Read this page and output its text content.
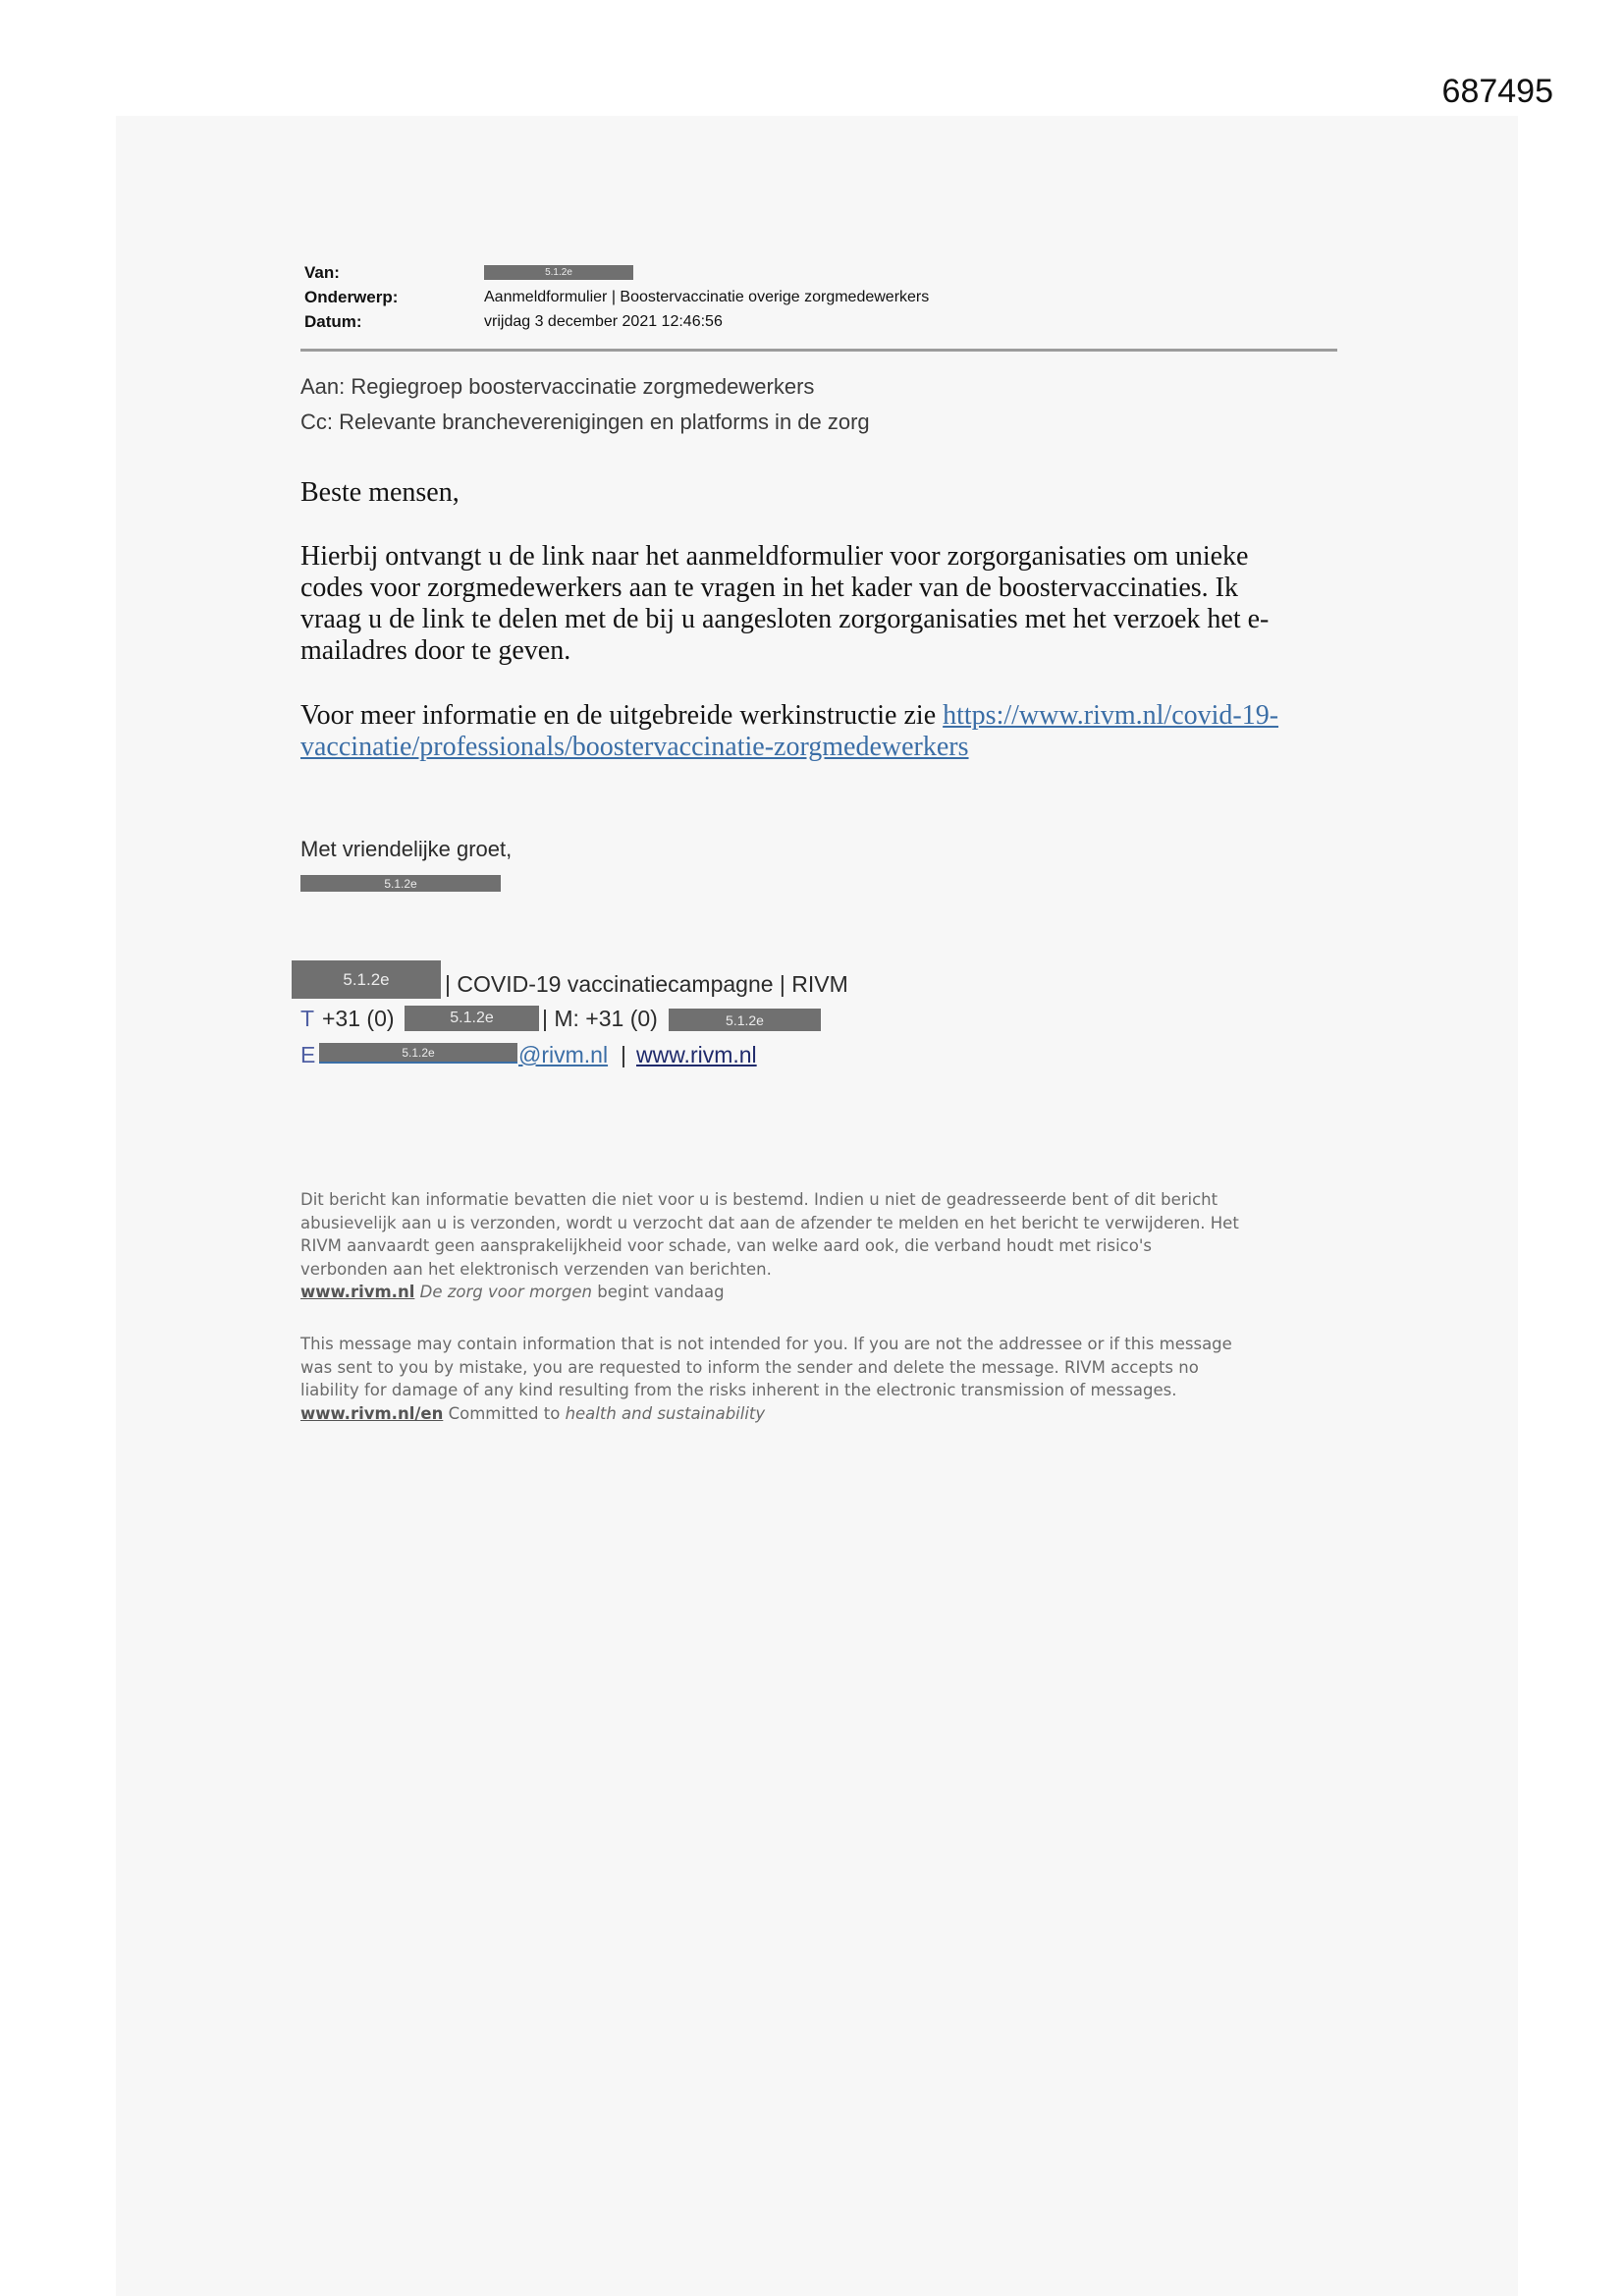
687495
Van:	5.1.2e
Onderwerp:	Aanmeldformulier | Boostervaccinatie overige zorgmedewerkers
Datum:	vrijdag 3 december 2021 12:46:56
Aan: Regiegroep boostervaccinatie zorgmedewerkers
Cc: Relevante brancheverenigingen en platforms in de zorg
Beste mensen,
Hierbij ontvangt u de link naar het aanmeldformulier voor zorgorganisaties om unieke
codes voor zorgmedewerkers aan te vragen in het kader van de boostervaccinaties. Ik
vraag u de link te delen met de bij u aangesloten zorgorganisaties met het verzoek het e-
mailadres door te geven.
Voor meer informatie en de uitgebreide werkinstructie zie https://www.rivm.nl/covid-19-
vaccinatie/professionals/boostervaccinatie-zorgmedewerkers
Met vriendelijke groet,
5.1.2e
5.1.2e | COVID-19 vaccinatiecampagne | RIVM
T +31 (0)	5.1.2e | M: +31 (0)	5.1.2e
E	5.1.2e	@rivm.nl | www.rivm.nl
Dit bericht kan informatie bevatten die niet voor u is bestemd. Indien u niet de geadresseerde bent of dit bericht
abusievelijk aan u is verzonden, wordt u verzocht dat aan de afzender te melden en het bericht te verwijderen. Het
RIVM aanvaardt geen aansprakelijkheid voor schade, van welke aard ook, die verband houdt met risico's
verbonden aan het elektronisch verzenden van berichten.
www.rivm.nl De zorg voor morgen begint vandaag
This message may contain information that is not intended for you. If you are not the addressee or if this message
was sent to you by mistake, you are requested to inform the sender and delete the message. RIVM accepts no
liability for damage of any kind resulting from the risks inherent in the electronic transmission of messages.
www.rivm.nl/en Committed to health and sustainability
